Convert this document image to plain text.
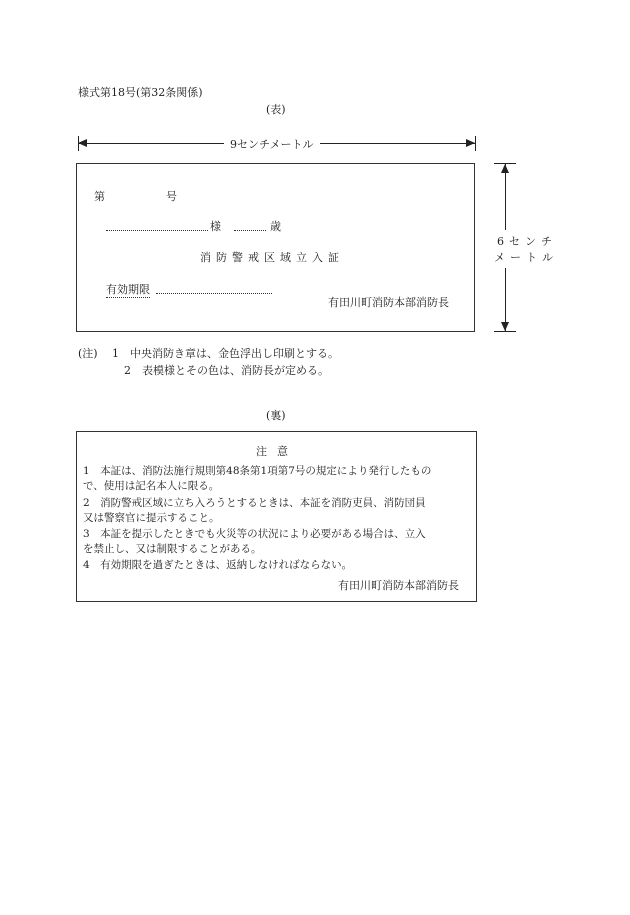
様式第18号(第32条関係)
(表)
9センチメートル
第	号
様	歳
消防警戒区域立入証
有効期限
有田川町消防本部消防長
6センチ
メートル
(注) 1　中央消防き章は、金色浮出し印刷とする。
2　表模様とその色は、消防長が定める。
(裏)
注意
1　本証は、消防法施行規則第48条第1項第7号の規定により発行したもの
で、使用は記名本人に限る。
2　消防警戒区域に立ち入ろうとするときは、本証を消防吏員、消防団員
又は警察官に提示すること。
3　本証を提示したときでも火災等の状況により必要がある場合は、立入
を禁止し、又は制限することがある。
4　有効期限を過ぎたときは、返納しなければならない。
有田川町消防本部消防長
